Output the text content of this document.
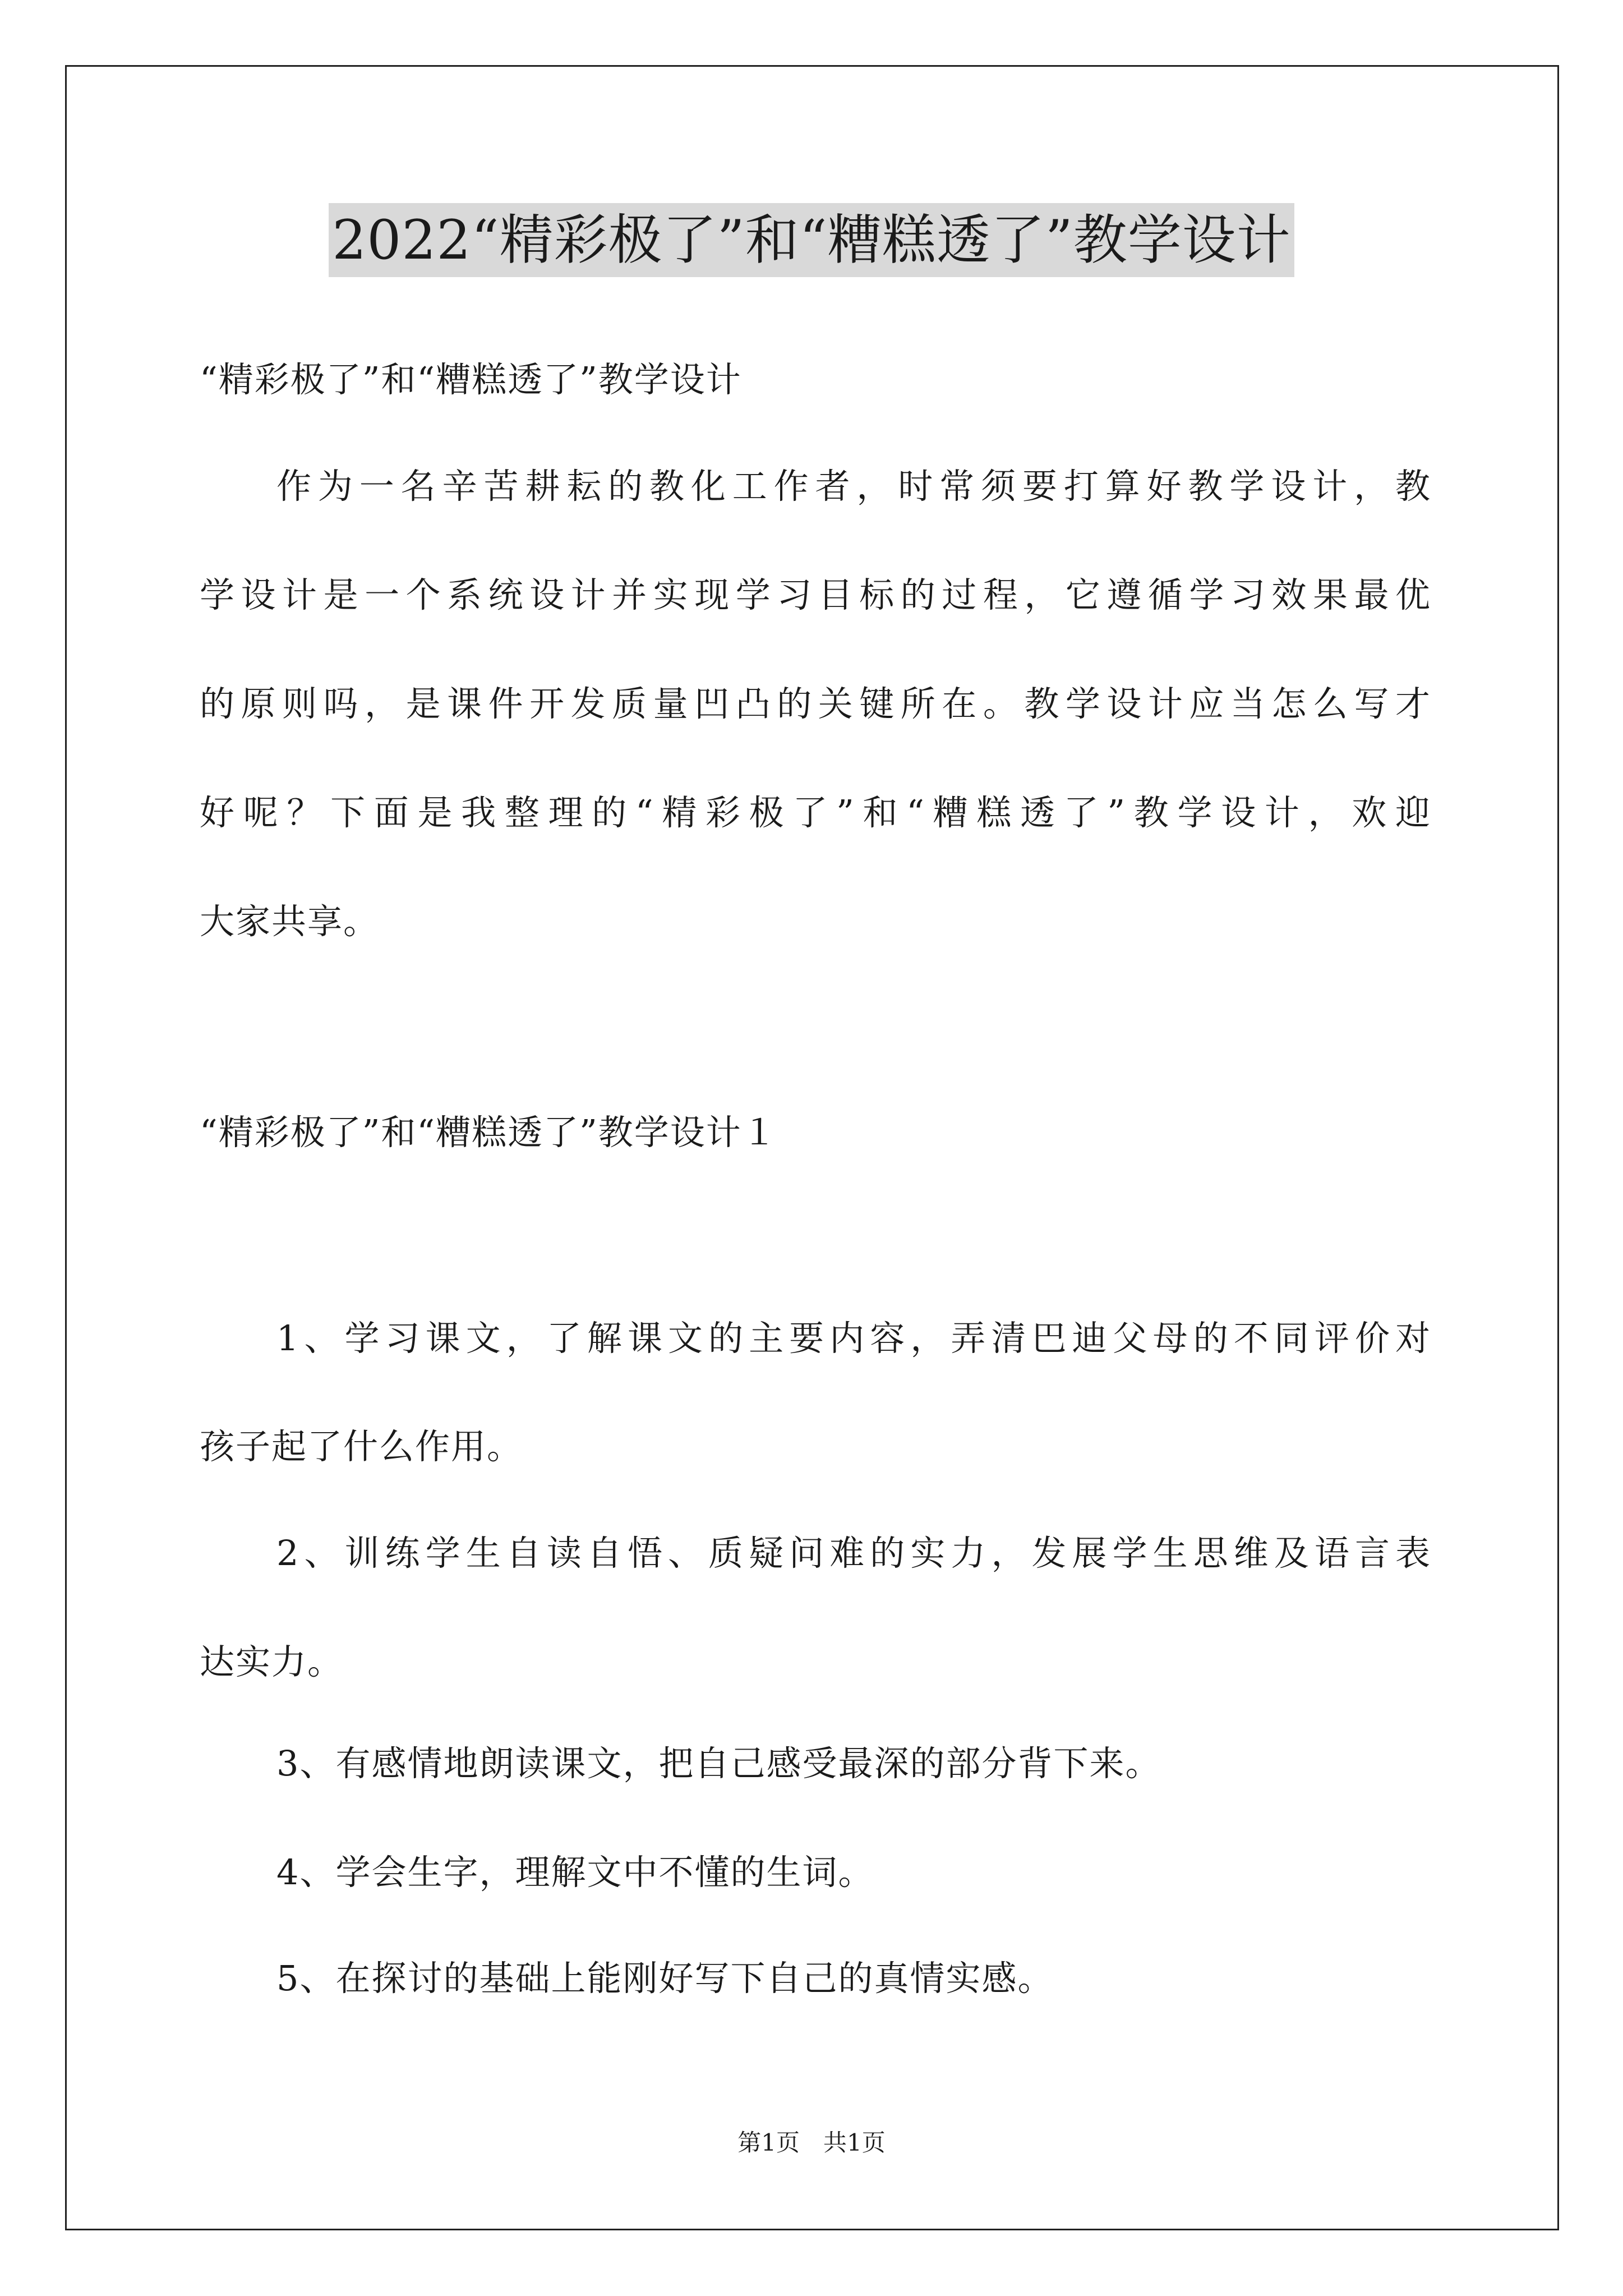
2022“精彩极了”和“糟糕透了”教学设计
“精彩极了”和“糟糕透了”教学设计
作为一名辛苦耕耘的教化工作者，时常须要打算好教学设计，教
学设计是一个系统设计并实现学习目标的过程，它遵循学习效果最优
的原则吗，是课件开发质量凹凸的关键所在。教学设计应当怎么写才
好呢？下面是我整理的“精彩极了”和“糟糕透了”教学设计，欢迎
大家共享。
“精彩极了”和“糟糕透了”教学设计１
1、学习课文，了解课文的主要内容，弄清巴迪父母的不同评价对
孩子起了什么作用。
2、训练学生自读自悟、质疑问难的实力，发展学生思维及语言表
达实力。
3、有感情地朗读课文，把自己感受最深的部分背下来。
4、学会生字，理解文中不懂的生词。
5、在探讨的基础上能刚好写下自己的真情实感。
第1页　共1页
